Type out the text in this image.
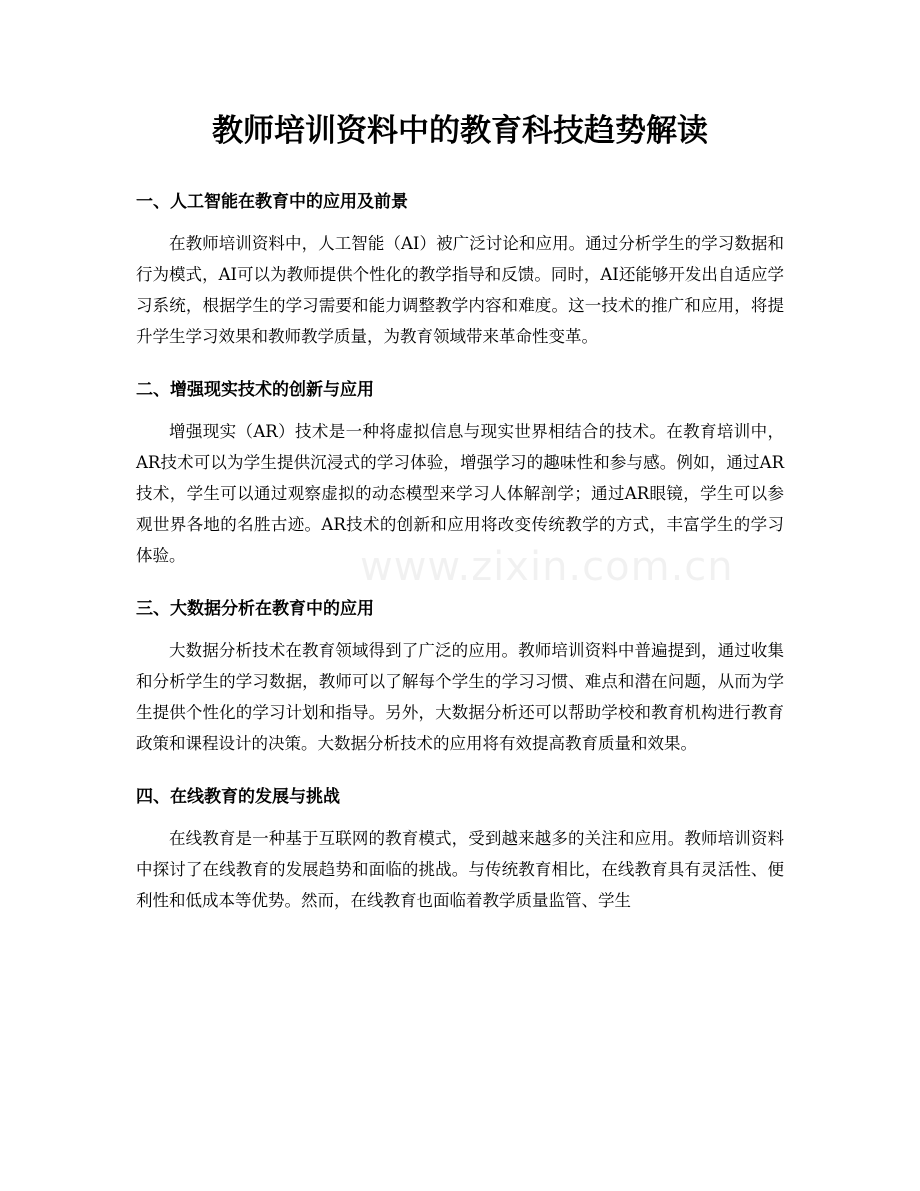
教师培训资料中的教育科技趋势解读
一、人工智能在教育中的应用及前景

在教师培训资料中，人工智能（AI）被广泛讨论和应用。通过分析学生的学习数据和行为模式，AI可以为教师提供个性化的教学指导和反馈。同时，AI还能够开发出自适应学习系统，根据学生的学习需要和能力调整教学内容和难度。这一技术的推广和应用，将提升学生学习效果和教师教学质量，为教育领域带来革命性变革。

二、增强现实技术的创新与应用

增强现实（AR）技术是一种将虚拟信息与现实世界相结合的技术。在教育培训中，AR技术可以为学生提供沉浸式的学习体验，增强学习的趣味性和参与感。例如，通过AR技术，学生可以通过观察虚拟的动态模型来学习人体解剖学；通过AR眼镜，学生可以参观世界各地的名胜古迹。AR技术的创新和应用将改变传统教学的方式，丰富学生的学习体验。

三、大数据分析在教育中的应用

大数据分析技术在教育领域得到了广泛的应用。教师培训资料中普遍提到，通过收集和分析学生的学习数据，教师可以了解每个学生的学习习惯、难点和潜在问题，从而为学生提供个性化的学习计划和指导。另外，大数据分析还可以帮助学校和教育机构进行教育政策和课程设计的决策。大数据分析技术的应用将有效提高教育质量和效果。

四、在线教育的发展与挑战

在线教育是一种基于互联网的教育模式，受到越来越多的关注和应用。教师培训资料中探讨了在线教育的发展趋势和面临的挑战。与传统教育相比，在线教育具有灵活性、便利性和低成本等优势。然而，在线教育也面临着教学质量监管、学生

www.zixin.com.cn
